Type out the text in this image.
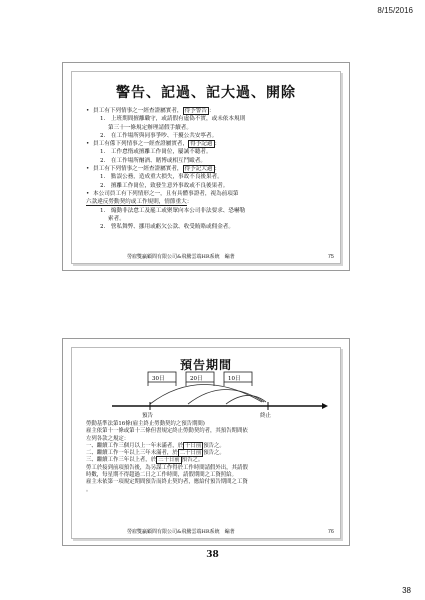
8/15/2016
警告、記過、記大過、開除
• 員工有下列情事之一經查證屬實者， 得予警告 ：
1.　上班期間擅離職守，或請假有虛偽不實，或未依本規則
第三十一條規定辦理請假手續者。
2.　在工作場所與同事爭吵、干擾公共安寧者。
• 員工有係下列情事之一經查證屬實者， 得予記過 ：
1.　工作怠惰或擅離工作崗位，屢誡不聽者。
2.　在工作場所酗酒、賭博或相互鬥毆者。
• 員工有下列情事之一經查證屬實者， 得予記大過 ：
1.　點誤公務，造成重大損失，事故不良後果者。
2.　擅離工作崗位，致發生意外事故或不良後果者。
• 本公司員工有下列情形之一，且有具體事證者，視為前項第
六款違反勞動契約或工作規則，情節重大：
1.　煽動非法怠工及罷工或聚眾向本公司非法要求、恐嚇勒
索者。
2.　營私舞弊、挪用或虧欠公款、收受賄賂或佣金者。
勞雇雙贏顧問有限公司&飛騰雲端HR系統　編著	75
預告期間
30日	20日	10日
預告	終止
勞動基準法第16條(雇主終止勞動契約之預告期間)
雇主依第十一條或第十三條但書規定終止勞動契約者，其預告期間依
左列各款之規定：
一、繼續工作三個月以上一年未滿者，於 十日前 預告之。
二、繼續工作一年以上三年未滿者，於 二十日前 預告之。
三、繼續工作三年以上者，於 三十日前 預告之。
勞工於接到前項預告後，為另謀工作得於工作時間請假外出，其請假
時數，每星期不得超過二日之工作時間，請假期間之工資照給。
雇主未依第一項規定期間預告而終止契約者，應給付預告期間之工資
。
勞雇雙贏顧問有限公司&飛騰雲端HR系統　編著	76
38
38
